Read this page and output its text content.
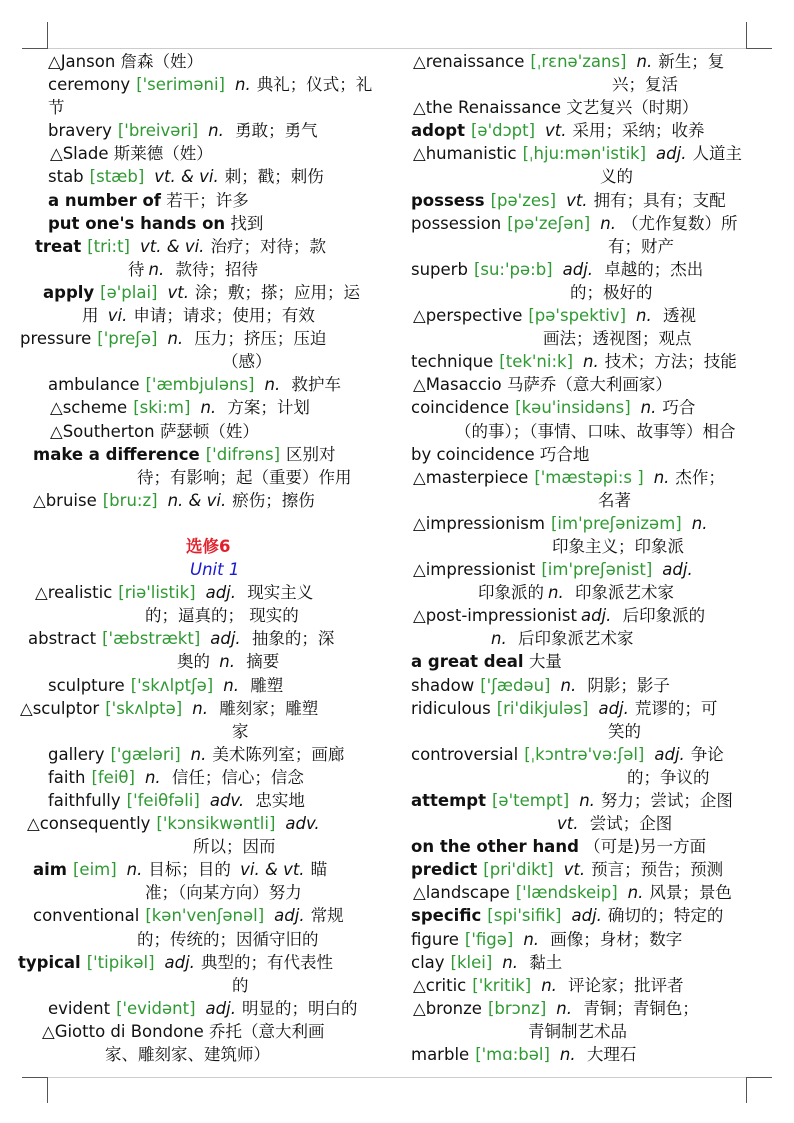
△Janson 詹森（姓）
ceremony ['seriməni] n. 典礼；仪式；礼
节
bravery ['breivəri] n. 勇敢；勇气
△Slade 斯莱德（姓）
stab [stæb] vt. & vi. 刺；戳；刺伤
a number of 若干；许多
put one's hands on 找到
treat [tri:t] vt. & vi. 治疗；对待；款
待 n. 款待；招待
apply [ə'plai] vt. 涂；敷；搽；应用；运
用 vi. 申请；请求；使用；有效
pressure ['preʃə] n. 压力；挤压；压迫
（感）
ambulance ['æmbjuləns] n. 救护车
△scheme [ski:m] n. 方案；计划
△Southerton 萨瑟顿（姓）
make a difference ['difrəns] 区别对
待；有影响；起（重要）作用
△bruise [bru:z] n. & vi. 瘀伤；擦伤
选修6
Unit 1
△realistic [riə'listik] adj. 现实主义
的；逼真的； 现实的
abstract ['æbstrækt] adj. 抽象的；深
奥的 n. 摘要
sculpture ['skʌlptʃə] n. 雕塑
△sculptor ['skʌlptə] n. 雕刻家；雕塑
家
gallery ['gæləri] n. 美术陈列室；画廊
faith [feiθ] n. 信任；信心；信念
faithfully ['feiθfəli] adv. 忠实地
△consequently ['kɔnsikwəntli] adv.
所以；因而
aim [eim] n. 目标；目的 vi. & vt. 瞄
准；（向某方向）努力
conventional [kən'venʃənəl] adj. 常规
的；传统的；因循守旧的
typical ['tipikəl] adj. 典型的；有代表性
的
evident ['evidənt] adj. 明显的；明白的
△Giotto di Bondone 乔托（意大利画
家、雕刻家、建筑师）
△renaissance [ˌrɛnə'zans] n. 新生；复
兴；复活
△the Renaissance 文艺复兴（时期）
adopt [ə'dɔpt] vt. 采用；采纳；收养
△humanistic [ˌhju:mən'istik] adj. 人道主
义的
possess [pə'zes] vt. 拥有；具有；支配
possession [pə'zeʃən] n. （尤作复数）所
有；财产
superb [su:'pə:b] adj. 卓越的；杰出
的；极好的
△perspective [pə'spektiv] n. 透视
画法；透视图；观点
technique [tek'ni:k] n. 技术；方法；技能
△Masaccio 马萨乔（意大利画家）
coincidence [kəu'insidəns] n. 巧合
（的事）；（事情、口味、故事等）相合
by coincidence 巧合地
△masterpiece ['mæstəpi:s ] n. 杰作；
名著
△impressionism [im'preʃənizəm] n.
印象主义；印象派
△impressionist [im'preʃənist] adj.
印象派的 n. 印象派艺术家
△post-impressionist adj. 后印象派的
n. 后印象派艺术家
a great deal 大量
shadow ['ʃædəu] n. 阴影；影子
ridiculous [ri'dikjuləs] adj. 荒谬的；可
笑的
controversial [ˌkɔntrə'və:ʃəl] adj. 争论
的；争议的
attempt [ə'tempt] n. 努力；尝试；企图
vt. 尝试；企图
on the other hand （可是)另一方面
predict [pri'dikt] vt. 预言；预告；预测
△landscape ['lændskeip] n. 风景；景色
specific [spi'sifik] adj. 确切的；特定的
figure ['figə] n. 画像；身材；数字
clay [klei] n. 黏土
△critic ['kritik] n. 评论家；批评者
△bronze [brɔnz] n. 青铜；青铜色；
青铜制艺术品
marble ['mɑ:bəl] n. 大理石
